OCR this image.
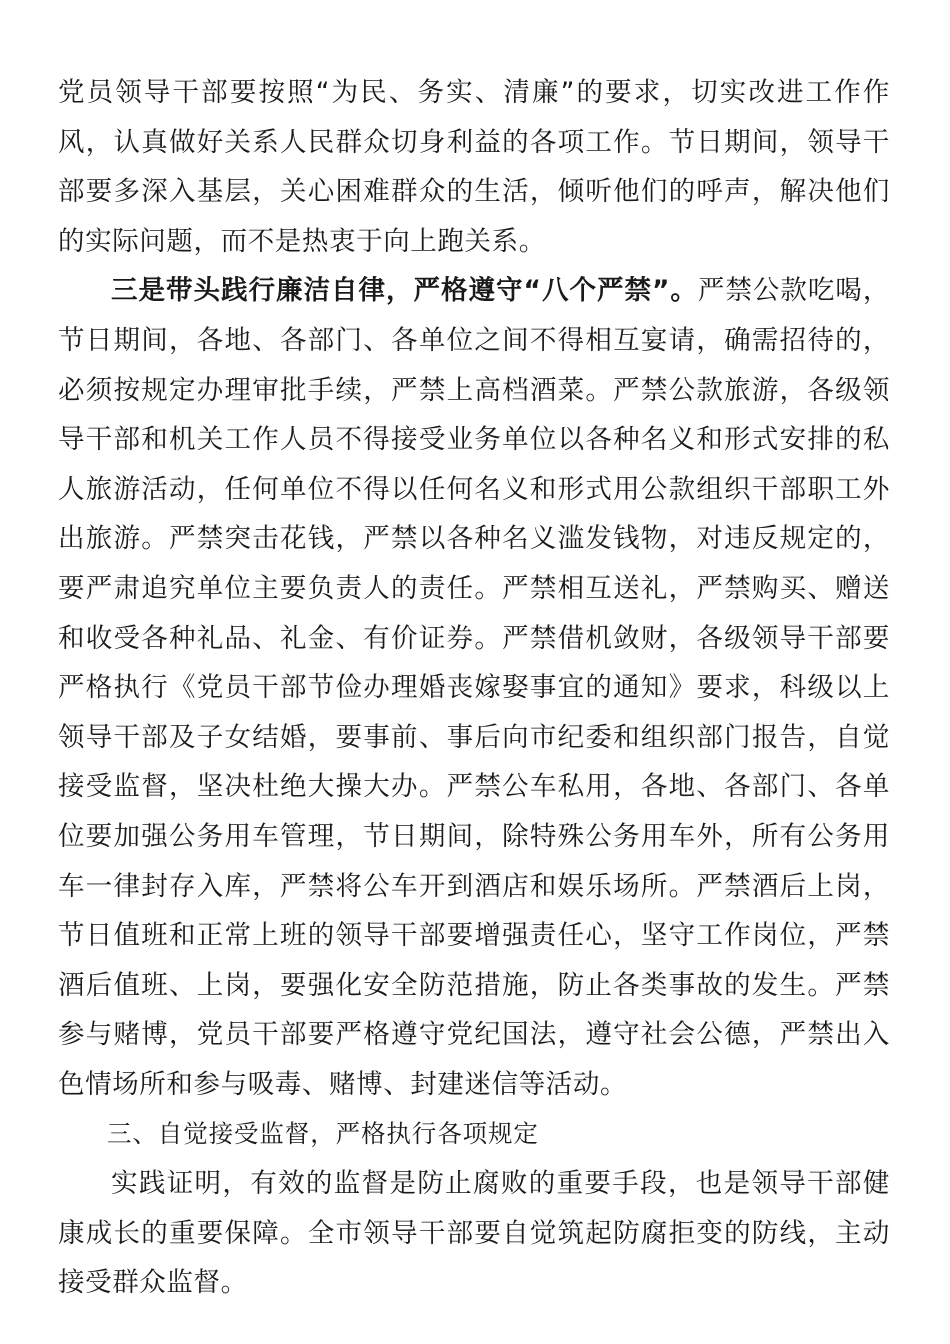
党员领导干部要按照“为民、务实、清廉”的要求，切实改进工作作风，认真做好关系人民群众切身利益的各项工作。节日期间，领导干部要多深入基层，关心困难群众的生活，倾听他们的呼声，解决他们的实际问题，而不是热衷于向上跑关系。

三是带头践行廉洁自律，严格遵守“八个严禁”。严禁公款吃喝，节日期间，各地、各部门、各单位之间不得相互宴请，确需招待的，必须按规定办理审批手续，严禁上高档酒菜。严禁公款旅游，各级领导干部和机关工作人员不得接受业务单位以各种名义和形式安排的私人旅游活动，任何单位不得以任何名义和形式用公款组织干部职工外出旅游。严禁突击花钱，严禁以各种名义滥发钱物，对违反规定的，要严肃追究单位主要负责人的责任。严禁相互送礼，严禁购买、赠送和收受各种礼品、礼金、有价证券。严禁借机敛财，各级领导干部要严格执行《党员干部节俭办理婚丧嫁娶事宜的通知》要求，科级以上领导干部及子女结婚，要事前、事后向市纪委和组织部门报告，自觉接受监督，坚决杜绝大操大办。严禁公车私用，各地、各部门、各单位要加强公务用车管理，节日期间，除特殊公务用车外，所有公务用车一律封存入库，严禁将公车开到酒店和娱乐场所。严禁酒后上岗，节日值班和正常上班的领导干部要增强责任心，坚守工作岗位，严禁酒后值班、上岗，要强化安全防范措施，防止各类事故的发生。严禁参与赌博，党员干部要严格遵守党纪国法，遵守社会公德，严禁出入色情场所和参与吸毒、赌博、封建迷信等活动。

三、自觉接受监督，严格执行各项规定

实践证明，有效的监督是防止腐败的重要手段，也是领导干部健康成长的重要保障。全市领导干部要自觉筑起防腐拒变的防线，主动接受群众监督。
